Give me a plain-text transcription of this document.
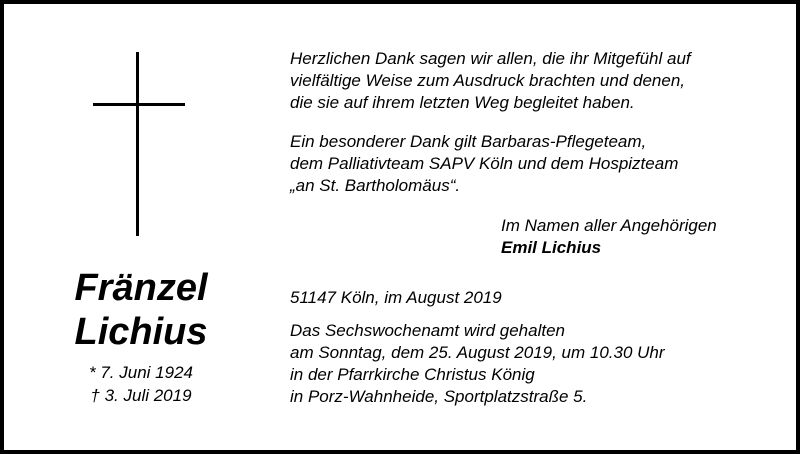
Fränzel
Lichius
* 7. Juni 1924
† 3. Juli 2019
Herzlichen Dank sagen wir allen, die ihr Mitgefühl auf
vielfältige Weise zum Ausdruck brachten und denen,
die sie auf ihrem letzten Weg begleitet haben.
Ein besonderer Dank gilt Barbaras-Pflegeteam,
dem Palliativteam SAPV Köln und dem Hospizteam
„an St. Bartholomäus“.
Im Namen aller Angehörigen
Emil Lichius
51147 Köln, im August 2019
Das Sechswochenamt wird gehalten
am Sonntag, dem 25. August 2019, um 10.30 Uhr
in der Pfarrkirche Christus König
in Porz-Wahnheide, Sportplatzstraße 5.
